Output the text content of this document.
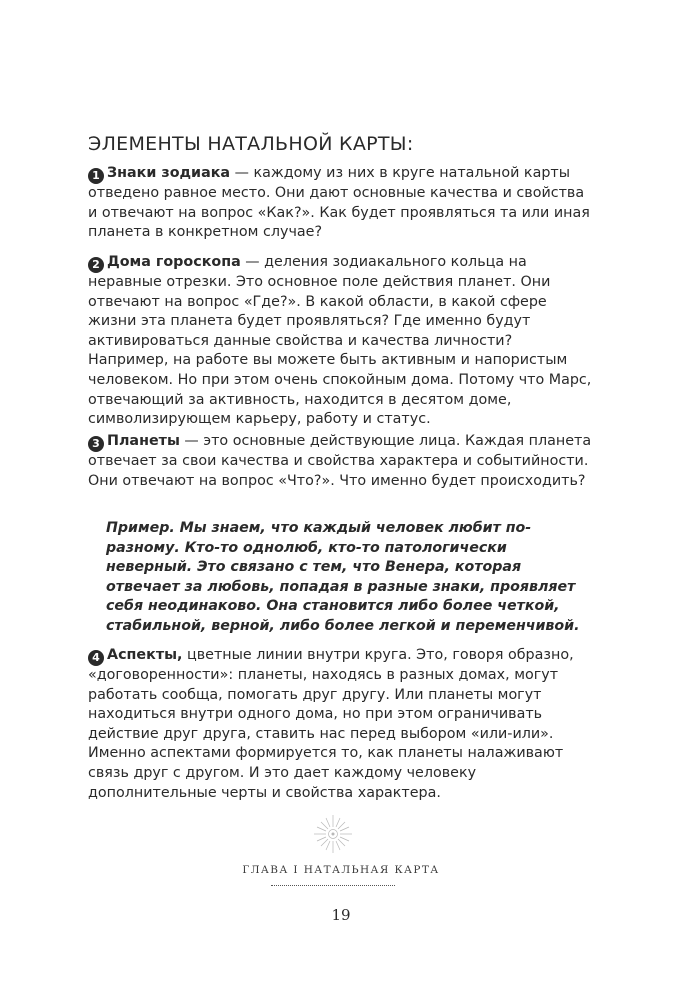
ЭЛЕМЕНТЫ НАТАЛЬНОЙ КАРТЫ:

1 Знаки зодиака — каждому из них в круге натальной карты отведено равное место. Они дают основные качества и свойства и отвечают на вопрос «Как?». Как будет проявляться та или иная планета в конкретном случае?

2 Дома гороскопа — деления зодиакального кольца на неравные отрезки. Это основное поле действия планет. Они отвечают на вопрос «Где?». В какой области, в какой сфере жизни эта планета будет проявляться? Где именно будут активироваться данные свойства и качества личности? Например, на работе вы можете быть активным и напористым человеком. Но при этом очень спокойным дома. Потому что Марс, отвечающий за активность, находится в десятом доме, символизирующем карьеру, работу и статус.

3 Планеты — это основные действующие лица. Каждая планета отвечает за свои качества и свойства характера и событийности. Они отвечают на вопрос «Что?». Что именно будет происходить?

Пример. Мы знаем, что каждый человек любит по-разному. Кто-то однолюб, кто-то патологически неверный. Это связано с тем, что Венера, которая отвечает за любовь, попадая в разные знаки, проявляет себя неодинаково. Она становится либо более четкой, стабильной, верной, либо более легкой и переменчивой.

4 Аспекты, цветные линии внутри круга. Это, говоря образно, «договоренности»: планеты, находясь в разных домах, могут работать сообща, помогать друг другу. Или планеты могут находиться внутри одного дома, но при этом ограничивать действие друг друга, ставить нас перед выбором «или-или». Именно аспектами формируется то, как планеты налаживают связь друг с другом. И это дает каждому человеку дополнительные черты и свойства характера.

ГЛАВА I НАТАЛЬНАЯ КАРТА
19
